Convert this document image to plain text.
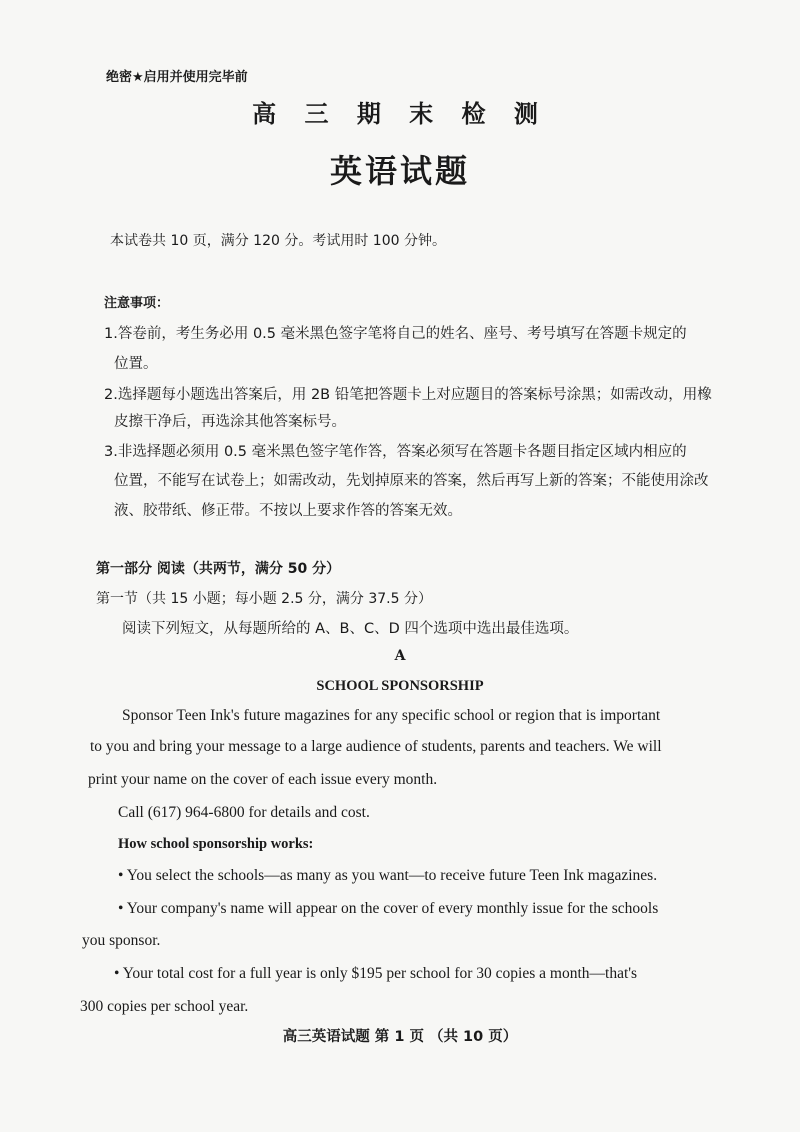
绝密★启用并使用完毕前
高 三 期 末 检 测
英语试题
本试卷共 10 页，满分 120 分。考试用时 100 分钟。
注意事项：
1.答卷前，考生务必用 0.5 毫米黑色签字笔将自己的姓名、座号、考号填写在答题卡规定的
位置。
2.选择题每小题选出答案后，用 2B 铅笔把答题卡上对应题目的答案标号涂黑；如需改动，用橡
皮擦干净后，再选涂其他答案标号。
3.非选择题必须用 0.5 毫米黑色签字笔作答，答案必须写在答题卡各题目指定区域内相应的
位置，不能写在试卷上；如需改动，先划掉原来的答案，然后再写上新的答案；不能使用涂改
液、胶带纸、修正带。不按以上要求作答的答案无效。
第一部分 阅读（共两节，满分 50 分）
第一节（共 15 小题；每小题 2.5 分，满分 37.5 分）
阅读下列短文，从每题所给的 A、B、C、D 四个选项中选出最佳选项。
A
SCHOOL SPONSORSHIP
Sponsor Teen Ink's future magazines for any specific school or region that is important
to you and bring your message to a large audience of students, parents and teachers. We will
print your name on the cover of each issue every month.
Call (617) 964-6800 for details and cost.
How school sponsorship works:
• You select the schools—as many as you want—to receive future Teen Ink magazines.
• Your company's name will appear on the cover of every monthly issue for the schools
you sponsor.
• Your total cost for a full year is only $195 per school for 30 copies a month—that's
300 copies per school year.
高三英语试题 第 1 页 （共 10 页）
